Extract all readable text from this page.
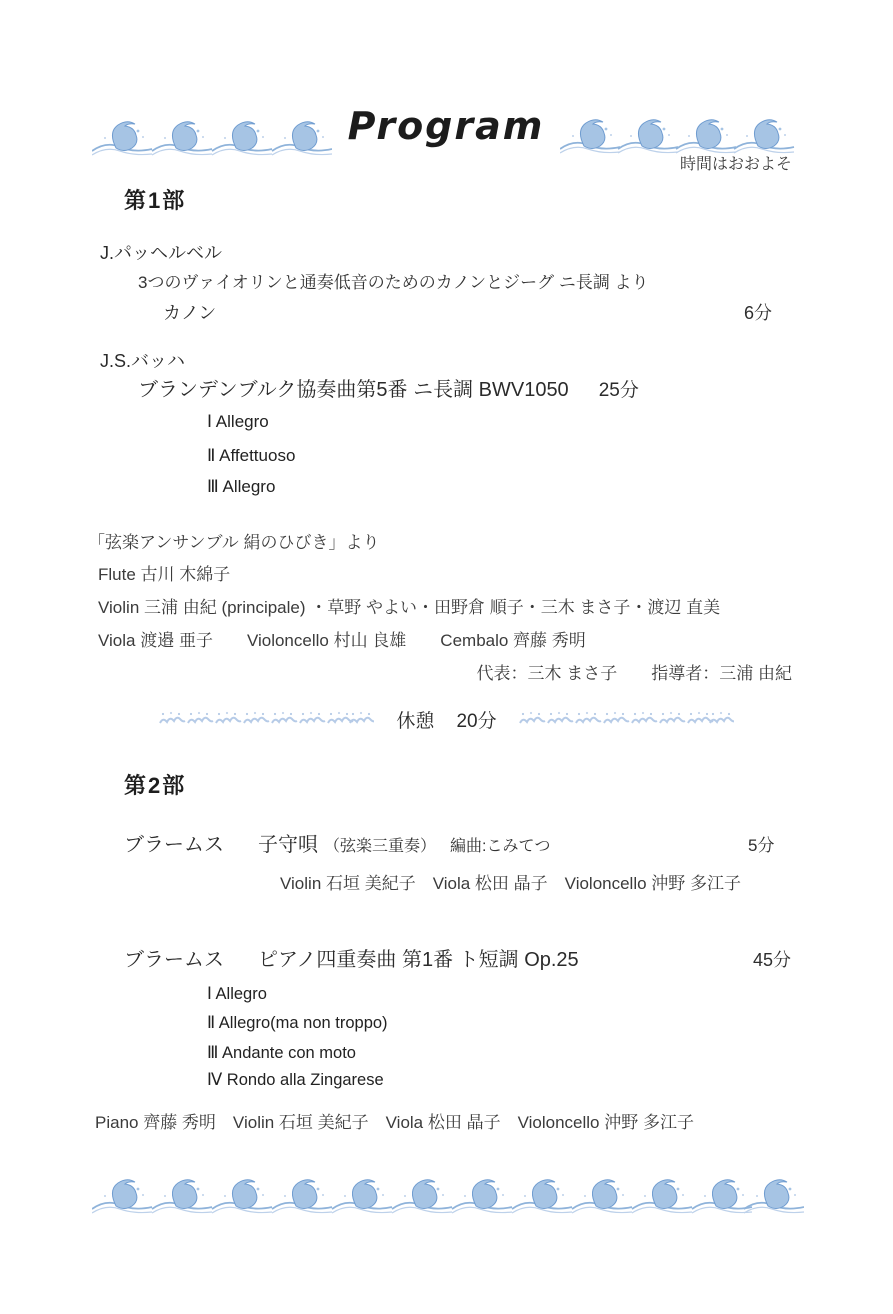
Program
時間はおおよそ
第1部
J.パッヘルベル
3つのヴァイオリンと通奏低音のためのカノンとジーグ ニ長調 より
カノン	6分
J.S.バッハ
ブランデンブルク協奏曲第5番 ニ長調 BWV1050 25分
Ⅰ Allegro
Ⅱ Affettuoso
Ⅲ Allegro
「弦楽アンサンブル 絹のひびき」より
Flute 古川 木綿子
Violin 三浦 由紀 (principale) ・草野 やよい・田野倉 順子・三木 まさ子・渡辺 直美
Viola 渡邉 亜子　　Violoncello 村山 良雄　　Cembalo 齊藤 秀明
代表：三木 まさ子　　指導者：三浦 由紀
休憩 20分
第2部
ブラームス 子守唄 （弦楽三重奏） 編曲:こみてつ	5分
Violin 石垣 美紀子　Viola 松田 晶子　Violoncello 沖野 多江子
ブラームス ピアノ四重奏曲 第1番 ト短調 Op.25	45分
Ⅰ Allegro
Ⅱ Allegro(ma non troppo)
Ⅲ Andante con moto
Ⅳ Rondo alla Zingarese
Piano 齊藤 秀明　Violin 石垣 美紀子　Viola 松田 晶子　Violoncello 沖野 多江子
